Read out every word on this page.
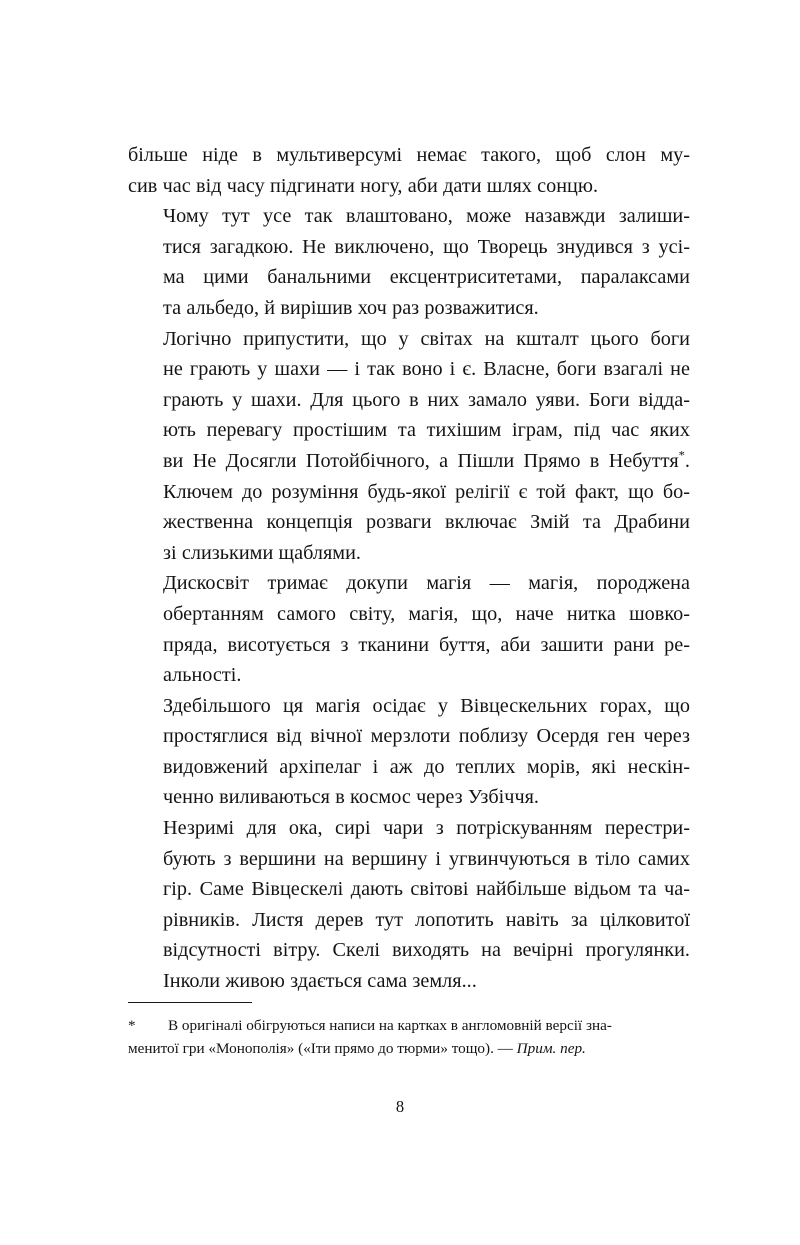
більше ніде в мультиверсумі немає такого, щоб слон му-
сив час від часу підгинати ногу, аби дати шлях сонцю.

Чому тут усе так влаштовано, може назавжди залиши-
тися загадкою. Не виключено, що Творець знудився з усі-
ма цими банальними ексцентриситетами, паралаксами
та альбедо, й вирішив хоч раз розважитися.

Логічно припустити, що у світах на кшталт цього боги
не грають у шахи — і так воно і є. Власне, боги взагалі не
грають у шахи. Для цього в них замало уяви. Боги відда-
ють перевагу простішим та тихішим іграм, під час яких
ви Не Досягли Потойбічного, а Пішли Прямо в Небуття*.
Ключем до розуміння будь-якої релігії є той факт, що бо-
жественна концепція розваги включає Змій та Драбини
зі слизькими щаблями.

Дискосвіт тримає докупи магія — магія, породжена
обертанням самого світу, магія, що, наче нитка шовко-
пряда, висотується з тканини буття, аби зашити рани ре-
альності.

Здебільшого ця магія осідає у Вівцескельних горах, що
простяглися від вічної мерзлоти поблизу Осердя ген через
видовжений архіпелаг і аж до теплих морів, які нескін-
ченно виливаються в космос через Узбіччя.

Незримі для ока, сирі чари з потріскуванням перестри-
бують з вершини на вершину і угвинчуються в тіло самих
гір. Саме Вівцескелі дають світові найбільше відьом та ча-
рівників. Листя дерев тут лопотить навіть за цілковитої
відсутності вітру. Скелі виходять на вечірні прогулянки.
Інколи живою здається сама земля...

* В оригіналі обігруються написи на картках в англомовній версії зна-
менитої гри «Монополія» («Іти прямо до тюрми» тощо). — Прим. пер.

8
